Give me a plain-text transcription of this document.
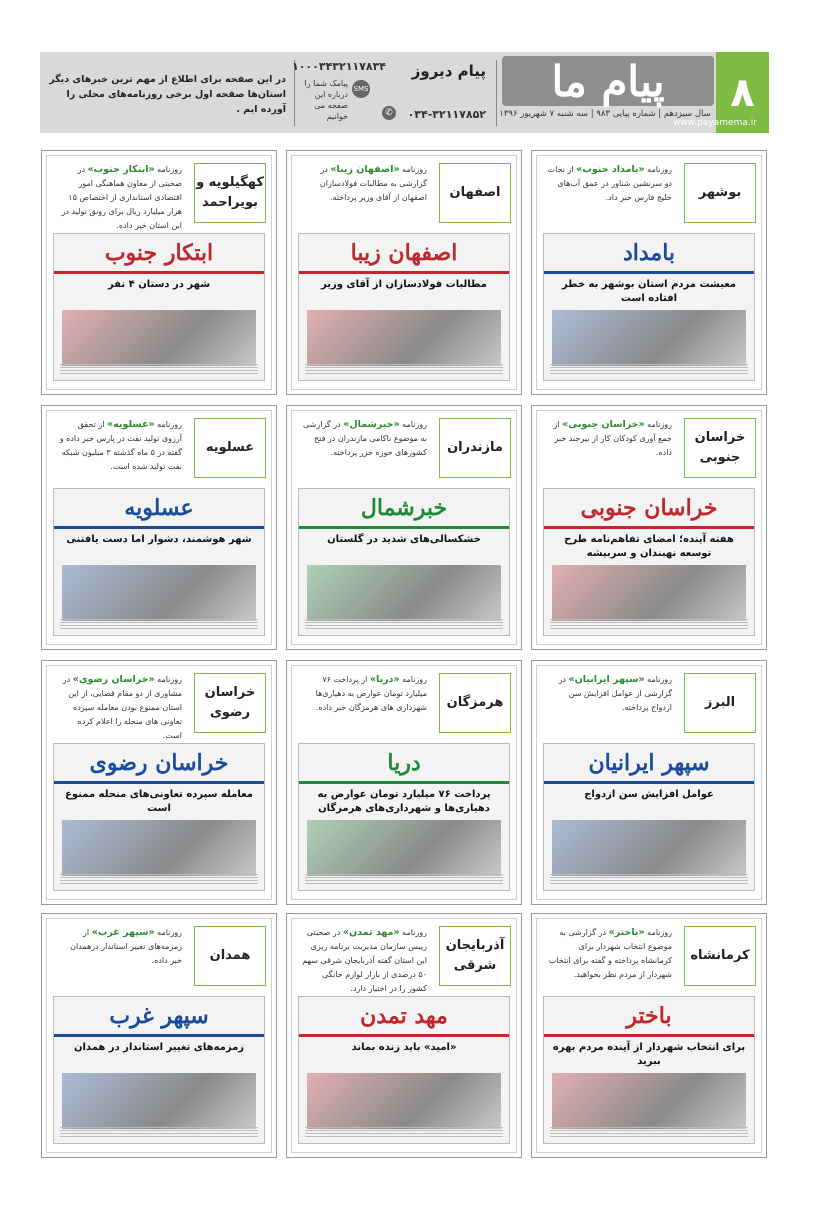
در این صفحه برای اطلاع از مهم ترین خبرهای دیگر استان‌ها صفحه اول برخی روزنامه‌های محلی را آورده ایم .
پیام دیروز
۰۳۴-۳۲۱۱۷۸۵۲
✆
۱۰۰۰۳۴۳۲۱۱۷۸۳۴
SMS
پیامک شما را درباره این صفحه می خوانیم
پیام ما
سال سیزدهم | شماره پیاپی ۹۸۳ | سه شنبه ۷ شهریور ۱۳۹۶ ۸
www.payamema.ir
بوشهر
روزنامه «بامداد جنوب» از نجات دو سرنشین شناور در عمق آب‌های خلیج فارس خبر داد.
بامداد
معیشت مردم استان بوشهر به خطر افتاده است
اصفهان
روزنامه «اصفهان زیبا» در گزارشی به مطالبات فولادسازان اصفهان از آقای وزیر پرداخته.
اصفهان زیبا
مطالبات فولادسازان از آقای وزیر
کهگیلویه و بویراحمد
روزنامه «ابتکار جنوب» در صحبتی از معاون هماهنگی امور اقتصادی استانداری از اختصاص ۱۵ هزار میلیارد ریال برای رونق تولید در این استان خبر داده.
ابتکار جنوب
شهر در دستان ۴ نفر
خراسان جنوبی
روزنامه «خراسان جنوبی» از جمع آوری کودکان کار از بیرجند خبر داده.
خراسان جنوبی
هفته آینده؛ امضای تفاهم‌نامه طرح توسعه نهبندان و سربیشه
مازندران
روزنامه «خبرشمال» در گزارشی به موضوع ناکامی مازندران در فتح کشورهای حوزه خزر پرداخته.
خبرشمال
خشکسالی‌های شدید در گلستان
عسلویه
روزنامه «عسلویه» از تحقق آرزوی تولید نفت در پارس خبر داده و گفته در ۵ ماه گذشته ۳ میلیون شبکه نفت تولید شده است.
عسلویه
شهر هوشمند، دشوار اما دست یافتنی
البرز
روزنامه «سپهر ایرانیان» در گزارشی از عوامل افزایش سن ازدواج پرداخته.
سپهر ایرانیان
عوامل افزایش سن ازدواج
هرمزگان
روزنامه «دریا» از پرداخت ۷۶ میلیارد تومان عوارض به دهیاری‌ها شهرداری های هرمزگان خبر داده.
دریا
پرداخت ۷۶ میلیارد تومان عوارض به دهیاری‌ها و شهرداری‌های هرمزگان
خراسان رضوی
روزنامه «خراسان رضوی» در مشاوری از دو مقام قضایی، از این استان ممنوع بودن معامله سپرده تعاونی های منحله را اعلام کرده است.
خراسان رضوی
معامله سپرده تعاونی‌های منحله ممنوع است
کرمانشاه
روزنامه «باختر» در گزارشی به موضوع انتخاب شهردار برای کرمانشاه پرداخته و گفته برای انتخاب شهردار از مردم نظر بخواهید.
باختر
برای انتخاب شهردار از آینده مردم بهره ببرید
آذربایجان شرقی
روزنامه «مهد تمدن» در صحبتی رییس سازمان مدیریت برنامه ریزی این استان گفته آذربایجان شرقی سهم ۵۰ درصدی از بازار لوازم خانگی کشور را در اختیار دارد.
مهد تمدن
«امید» باید زنده بماند
همدان
روزنامه «سپهر غرب» از زمزمه‌های تغییر استاندار درهمدان خبر داده.
سپهر غرب
زمزمه‌های تغییر استاندار در همدان
